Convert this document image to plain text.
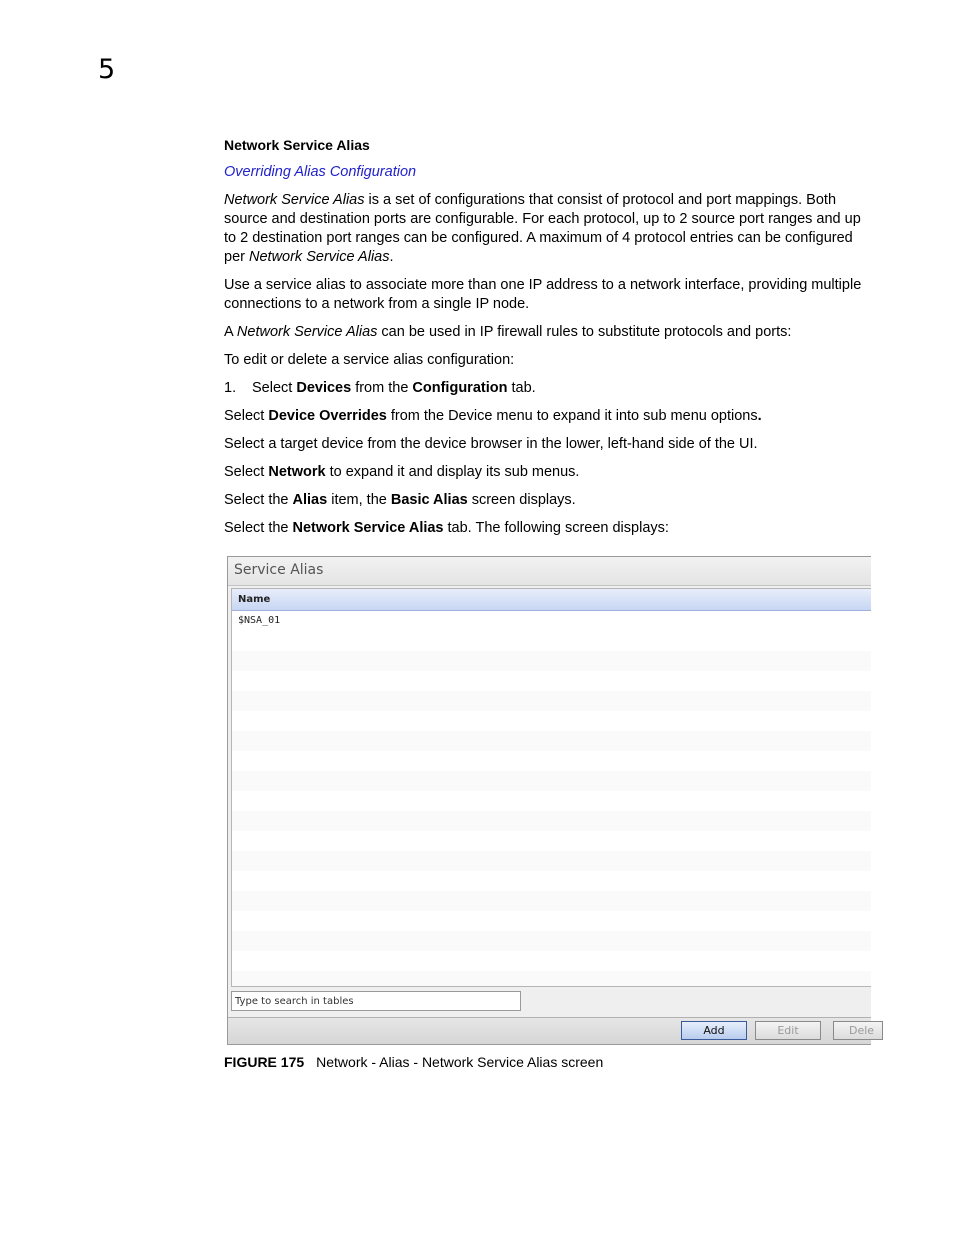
5
Network Service Alias
Overriding Alias Configuration
Network Service Alias is a set of configurations that consist of protocol and port mappings. Both source and destination ports are configurable. For each protocol, up to 2 source port ranges and up to 2 destination port ranges can be configured. A maximum of 4 protocol entries can be configured per Network Service Alias.
Use a service alias to associate more than one IP address to a network interface, providing multiple connections to a network from a single IP node.
A Network Service Alias can be used in IP firewall rules to substitute protocols and ports:
To edit or delete a service alias configuration:
1.	Select Devices from the Configuration tab.
Select Device Overrides from the Device menu to expand it into sub menu options.
Select a target device from the device browser in the lower, left-hand side of the UI.
Select Network to expand it and display its sub menus.
Select the Alias item, the Basic Alias screen displays.
Select the Network Service Alias tab. The following screen displays:
Service Alias
Name
$NSA_01
Type to search in tables
Add	Edit	Dele
FIGURE 175 Network - Alias - Network Service Alias screen
